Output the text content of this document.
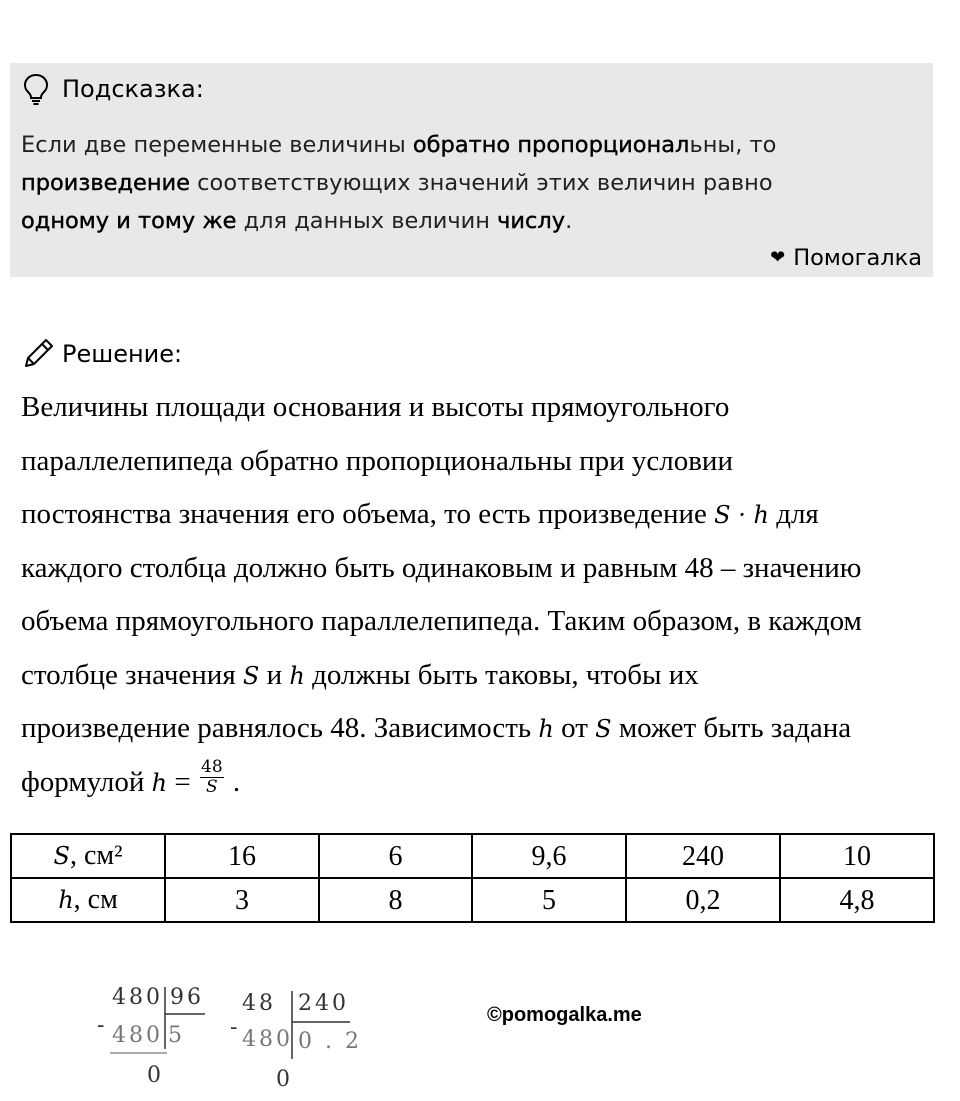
Подсказка:
Если две переменные величины обратно пропорциональны, то
произведение соответствующих значений этих величин равно
одному и тому же для данных величин числу.
❤ Помогалка
Решение:
Величины площади основания и высоты прямоугольного
параллелепипеда обратно пропорциональны при условии
постоянства значения его объема, то есть произведение S · h для
каждого столбца должно быть одинаковым и равным 48 – значению
объема прямоугольного параллелепипеда. Таким образом, в каждом
столбце значения S и h должны быть таковы, чтобы их
произведение равнялось 48. Зависимость h от S может быть задана
формулой $h = \frac{48}{S}$ .
S, см²	16	6	9,6	240	10
h, см	3	8	5	0,2	4,8
-
480 96
480 5
0
-
48 240
480 0 . 2
0
©pomogalka.me
